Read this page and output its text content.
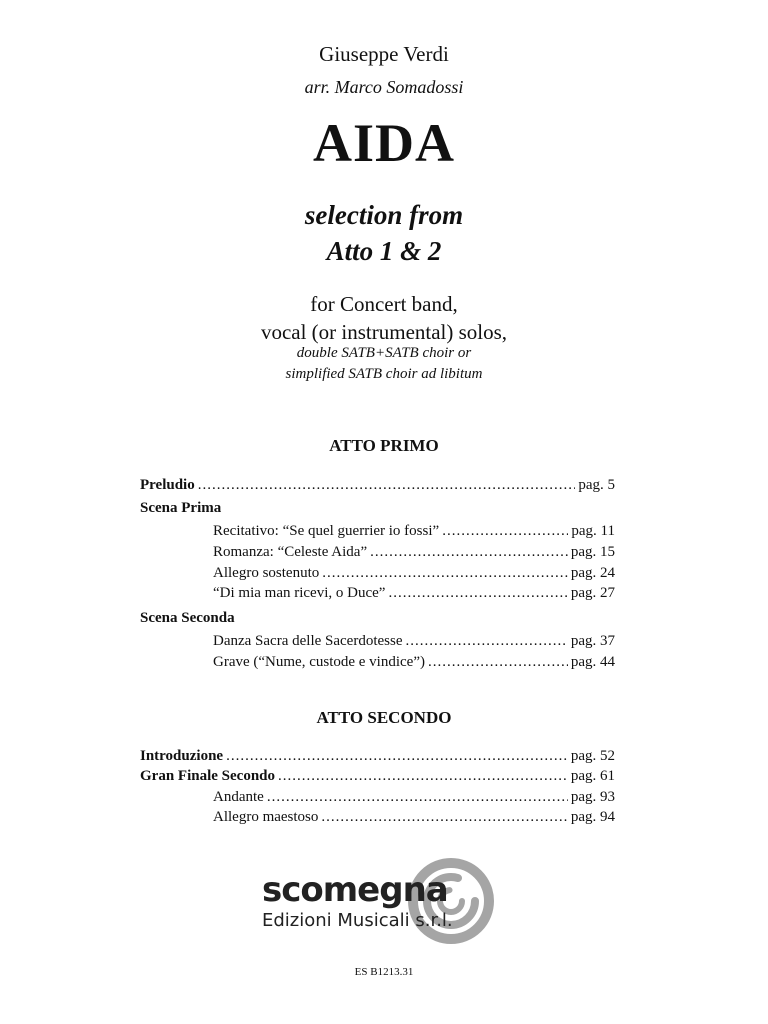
Giuseppe Verdi
arr. Marco Somadossi
AIDA
selection from
Atto 1 & 2
for Concert band,
vocal (or instrumental) solos,
double SATB+SATB choir or
simplified SATB choir ad libitum
ATTO PRIMO
Preludio .....	pag. 5
Scena Prima
Recitativo: “Se quel guerrier io fossi” .....	pag. 11
Romanza: “Celeste Aida” .....	pag. 15
Allegro sostenuto .....	pag. 24
“Di mia man ricevi, o Duce” .....	pag. 27
Scena Seconda
Danza Sacra delle Sacerdotesse .....	pag. 37
Grave (“Nume, custode e vindice”) .....	pag. 44
ATTO SECONDO
Introduzione .....	pag. 52
Gran Finale Secondo .....	pag. 61
Andante .....	pag. 93
Allegro maestoso .....	pag. 94
scomegna
Edizioni Musicali s.r.l.
ES B1213.31
